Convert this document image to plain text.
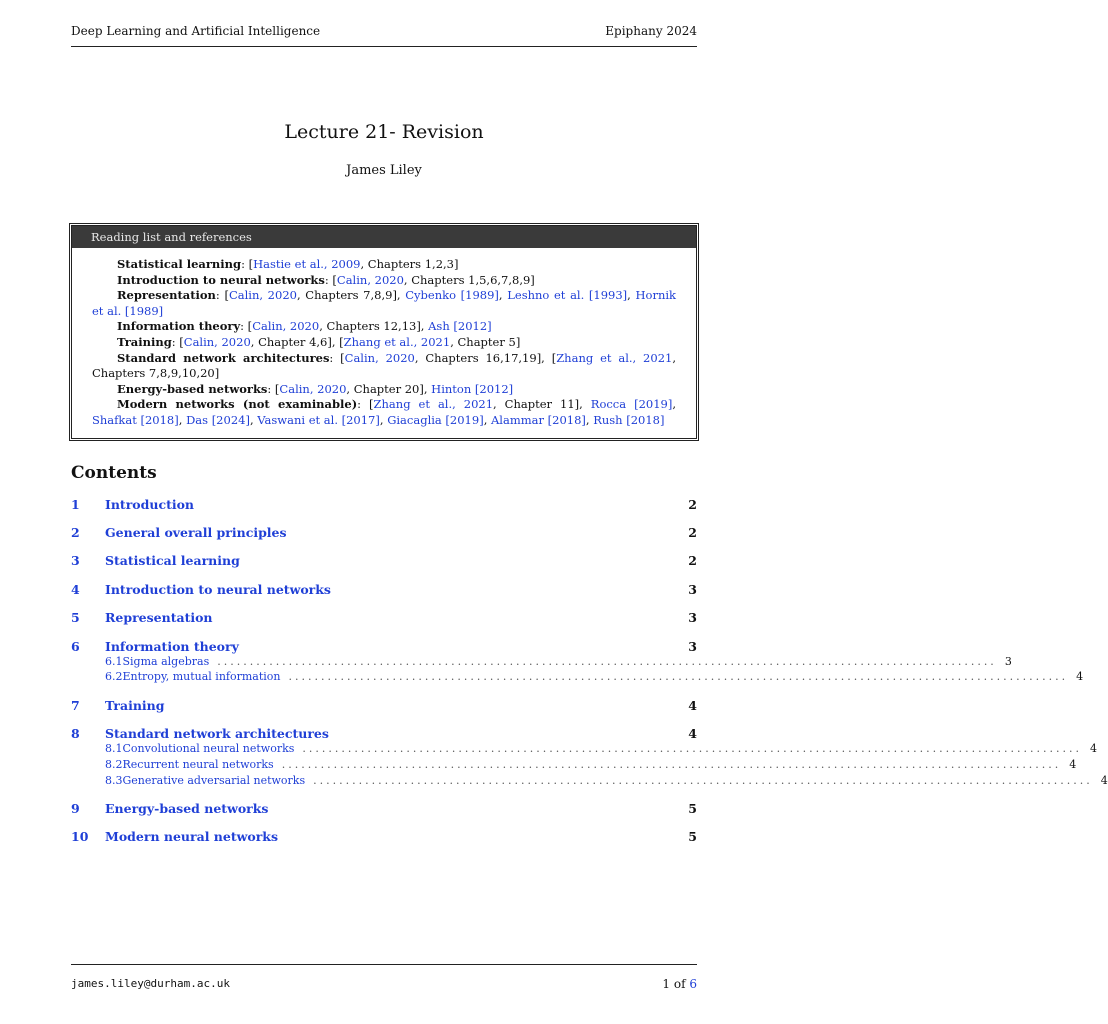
Deep Learning and Artificial Intelligence	Epiphany 2024
Lecture 21- Revision
James Liley
Reading list and references

Statistical learning: [Hastie et al., 2009, Chapters 1,2,3]

Introduction to neural networks: [Calin, 2020, Chapters 1,5,6,7,8,9]

Representation: [Calin, 2020, Chapters 7,8,9], Cybenko [1989], Leshno et al. [1993], Hornik et al. [1989]

Information theory: [Calin, 2020, Chapters 12,13], Ash [2012]

Training: [Calin, 2020, Chapter 4,6], [Zhang et al., 2021, Chapter 5]

Standard network architectures: [Calin, 2020, Chapters 16,17,19], [Zhang et al., 2021, Chapters 7,8,9,10,20]

Energy-based networks: [Calin, 2020, Chapter 20], Hinton [2012]

Modern networks (not examinable): [Zhang et al., 2021, Chapter 11], Rocca [2019], Shafkat [2018], Das [2024], Vaswani et al. [2017], Giacaglia [2019], Alammar [2018], Rush [2018]

Contents
1	Introduction	2
2	General overall principles	2
3	Statistical learning	2
4	Introduction to neural networks	3
5	Representation	3
6	Information theory	3
6.1 Sigma algebras ........................................................................................................................ 3
6.2 Entropy, mutual information ........................................................................................................................ 4
7	Training	4
8	Standard network architectures	4
8.1 Convolutional neural networks ........................................................................................................................ 4
8.2 Recurrent neural networks ........................................................................................................................ 4
8.3 Generative adversarial networks ........................................................................................................................ 4
9	Energy-based networks	5
10	Modern neural networks	5
james.liley@durham.ac.uk	1 of 6
